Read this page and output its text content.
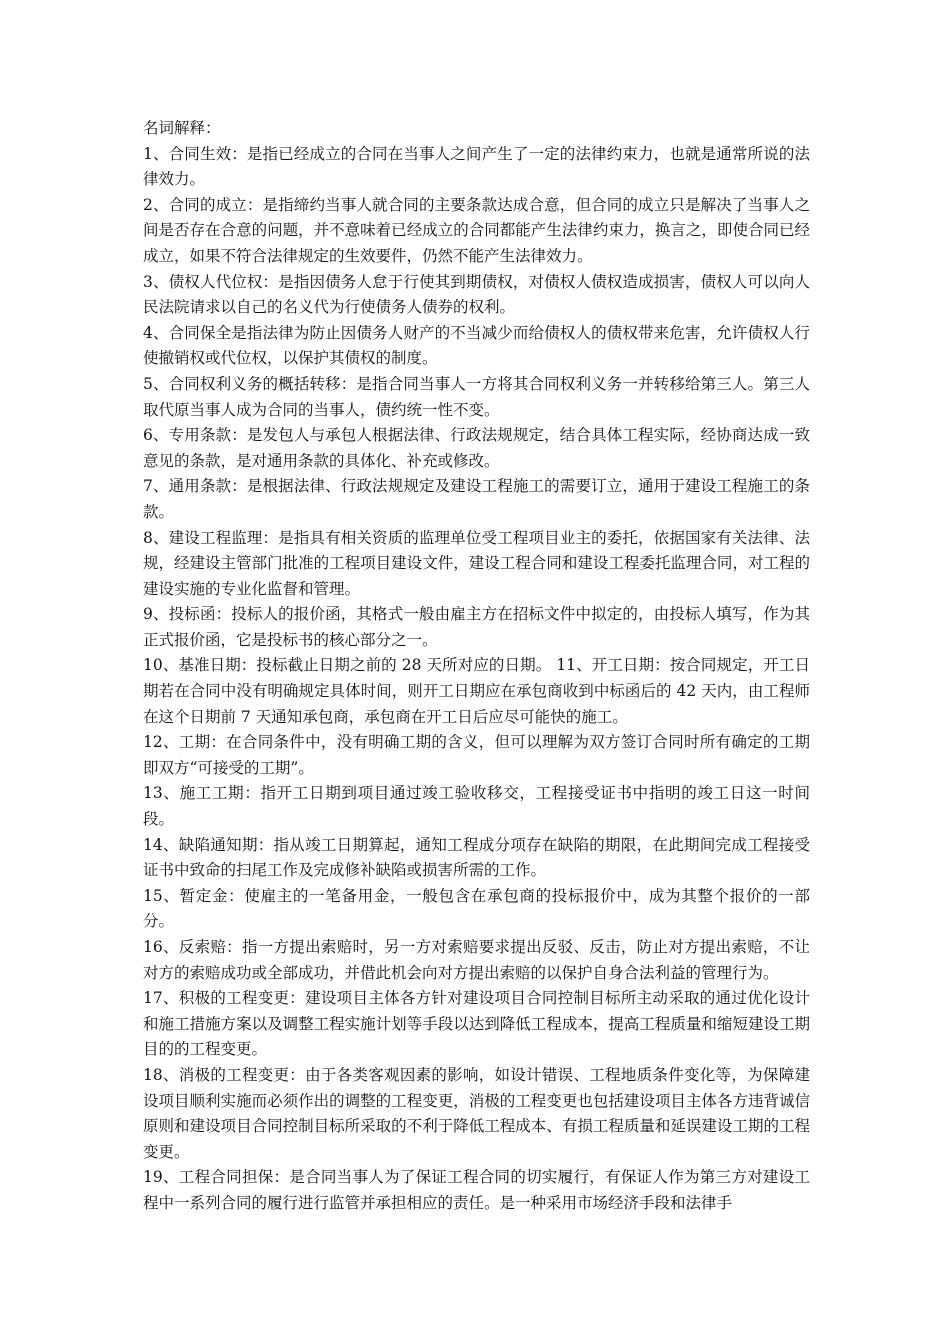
名词解释：

1、合同生效：是指已经成立的合同在当事人之间产生了一定的法律约束力，也就是通常所说的法律效力。

2、合同的成立：是指缔约当事人就合同的主要条款达成合意，但合同的成立只是解决了当事人之间是否存在合意的问题，并不意味着已经成立的合同都能产生法律约束力，换言之，即使合同已经成立，如果不符合法律规定的生效要件，仍然不能产生法律效力。

3、债权人代位权：是指因债务人怠于行使其到期债权，对债权人债权造成损害，债权人可以向人民法院请求以自己的名义代为行使债务人债券的权利。

4、合同保全是指法律为防止因债务人财产的不当减少而给债权人的债权带来危害，允许债权人行使撤销权或代位权，以保护其债权的制度。

5、合同权利义务的概括转移：是指合同当事人一方将其合同权利义务一并转移给第三人。第三人取代原当事人成为合同的当事人，债约统一性不变。

6、专用条款：是发包人与承包人根据法律、行政法规规定，结合具体工程实际，经协商达成一致意见的条款，是对通用条款的具体化、补充或修改。

7、通用条款：是根据法律、行政法规规定及建设工程施工的需要订立，通用于建设工程施工的条款。

8、建设工程监理：是指具有相关资质的监理单位受工程项目业主的委托，依据国家有关法律、法规，经建设主管部门批准的工程项目建设文件，建设工程合同和建设工程委托监理合同，对工程的建设实施的专业化监督和管理。

9、投标函：投标人的报价函，其格式一般由雇主方在招标文件中拟定的，由投标人填写，作为其正式报价函，它是投标书的核心部分之一。

10、基准日期：投标截止日期之前的 28 天所对应的日期。 11、开工日期：按合同规定，开工日期若在合同中没有明确规定具体时间，则开工日期应在承包商收到中标函后的 42 天内，由工程师在这个日期前 7 天通知承包商，承包商在开工日后应尽可能快的施工。

12、工期：在合同条件中，没有明确工期的含义，但可以理解为双方签订合同时所有确定的工期即双方“可接受的工期”。

13、施工工期：指开工日期到项目通过竣工验收移交，工程接受证书中指明的竣工日这一时间段。

14、缺陷通知期：指从竣工日期算起，通知工程成分项存在缺陷的期限，在此期间完成工程接受证书中致命的扫尾工作及完成修补缺陷或损害所需的工作。

15、暂定金：使雇主的一笔备用金，一般包含在承包商的投标报价中，成为其整个报价的一部分。

16、反索赔：指一方提出索赔时，另一方对索赔要求提出反驳、反击，防止对方提出索赔，不让对方的索赔成功或全部成功，并借此机会向对方提出索赔的以保护自身合法利益的管理行为。

17、积极的工程变更：建设项目主体各方针对建设项目合同控制目标所主动采取的通过优化设计和施工措施方案以及调整工程实施计划等手段以达到降低工程成本，提高工程质量和缩短建设工期目的的工程变更。

18、消极的工程变更：由于各类客观因素的影响，如设计错误、工程地质条件变化等，为保障建设项目顺利实施而必须作出的调整的工程变更，消极的工程变更也包括建设项目主体各方违背诚信原则和建设项目合同控制目标所采取的不利于降低工程成本、有损工程质量和延误建设工期的工程变更。

19、工程合同担保：是合同当事人为了保证工程合同的切实履行，有保证人作为第三方对建设工程中一系列合同的履行进行监管并承担相应的责任。是一种采用市场经济手段和法律手
